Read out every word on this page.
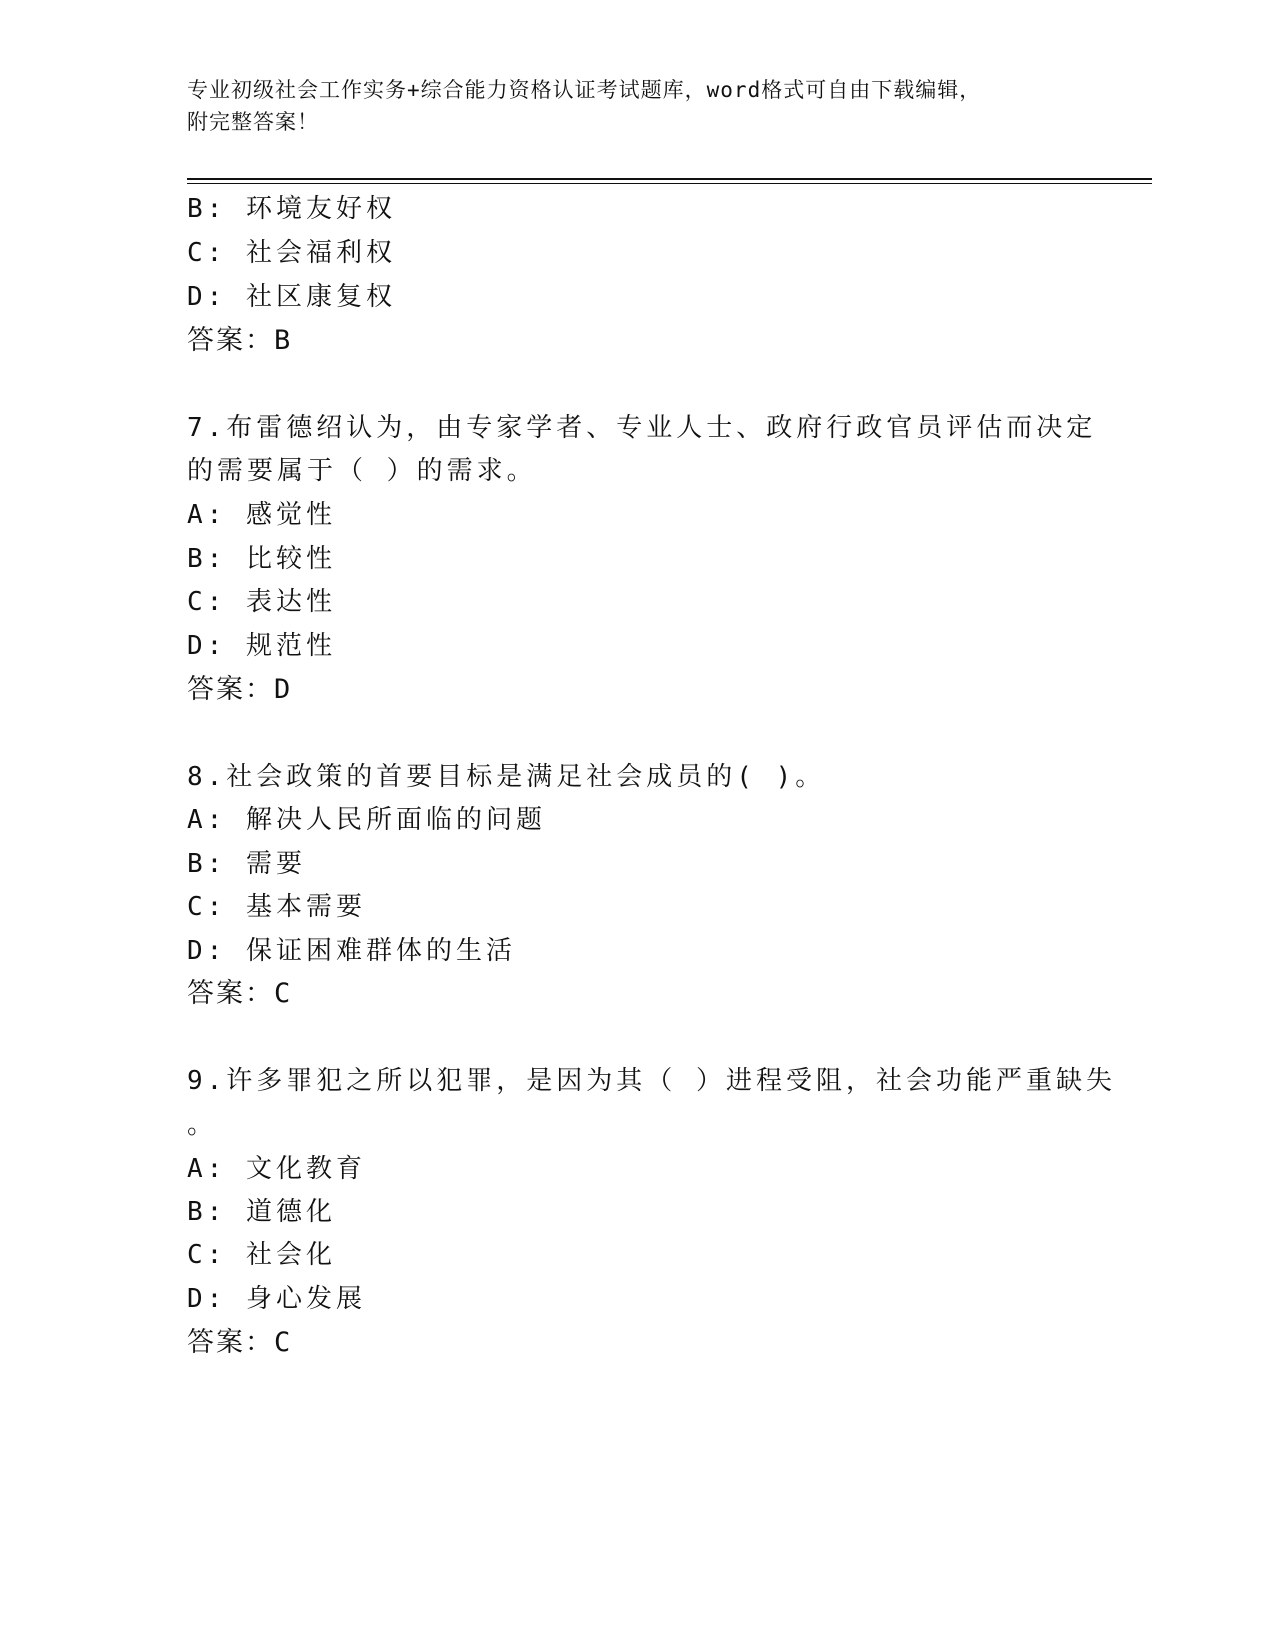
专业初级社会工作实务+综合能力资格认证考试题库，word格式可自由下载编辑，
附完整答案！
B: 环境友好权
C: 社会福利权
D: 社区康复权
答案：B
7.布雷德绍认为，由专家学者、专业人士、政府行政官员评估而决定
的需要属于（ ）的需求。
A: 感觉性
B: 比较性
C: 表达性
D: 规范性
答案：D
8.社会政策的首要目标是满足社会成员的( )。
A: 解决人民所面临的问题
B: 需要
C: 基本需要
D: 保证困难群体的生活
答案：C
9.许多罪犯之所以犯罪，是因为其（ ）进程受阻，社会功能严重缺失
。
A: 文化教育
B: 道德化
C: 社会化
D: 身心发展
答案：C
